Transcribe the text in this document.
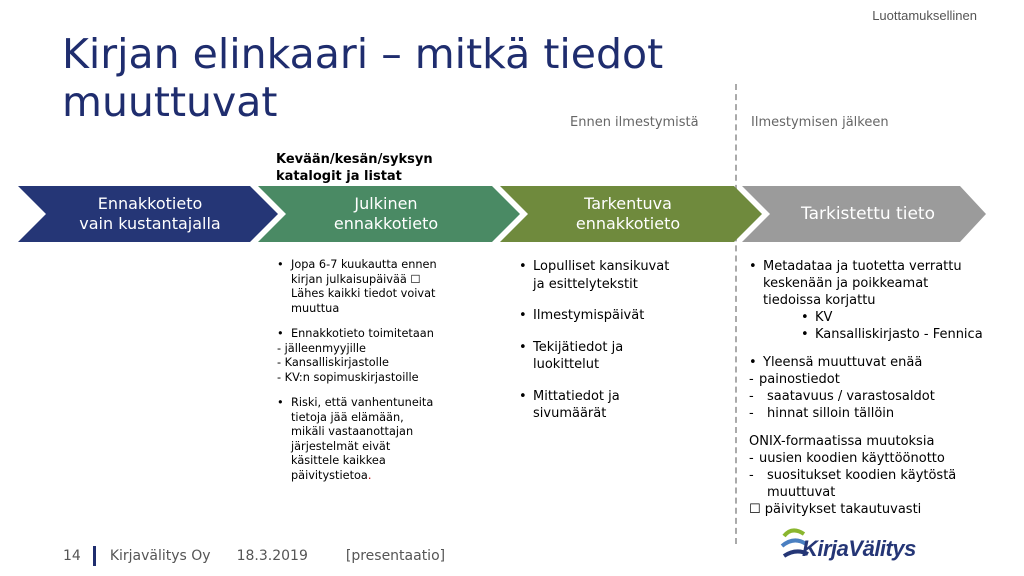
Luottamuksellinen
Kirjan elinkaari – mitkä tiedot
muuttuvat	Ennen ilmestymistä	Ilmestymisen jälkeen
Kevään/kesän/syksyn
katalogit ja listat
Ennakkotieto
vain kustantajalla
Julkinen
ennakkotieto
Tarkentuva
ennakkotieto	Tarkistettu tieto
• Jopa 6-7 kuukautta ennen
kirjan julkaisupäivää ☐
Lähes kaikki tiedot voivat
muuttua
• Ennakkotieto toimitetaan
- jälleenmyyjille
- Kansalliskirjastolle
- KV:n sopimuskirjastoille
• Riski, että vanhentuneita
tietoja jää elämään,
mikäli vastaanottajan
järjestelmät eivät
käsittele kaikkea
päivitystietoa.
• Lopulliset kansikuvat
ja esittelytekstit
• Ilmestymispäivät
• Tekijätiedot ja
luokittelut
• Mittatiedot ja
sivumäärät
• Metadataa ja tuotetta verrattu
keskenään ja poikkeamat
tiedoissa korjattu
• KV
• Kansalliskirjasto - Fennica
• Yleensä muuttuvat enää
- painostiedot
-	saatavuus / varastosaldot
-	hinnat silloin tällöin
ONIX-formaatissa muutoksia
- uusien koodien käyttöönotto
-	suositukset koodien käytöstä
muuttuvat
☐ päivitykset takautuvasti
14 Kirjavälitys Oy 18.3.2019	[presentaatio]	KirjaVälitys
